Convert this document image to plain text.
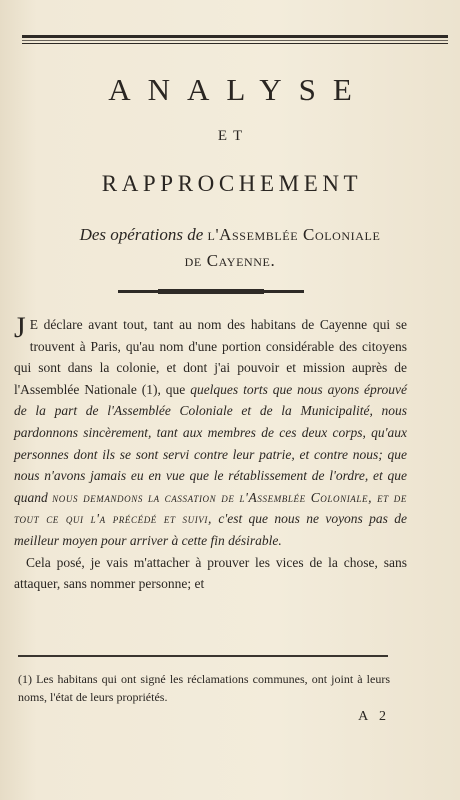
ANALYSE
ET
RAPPROCHEMENT
Des opérations de l'Assemblée Coloniale
de Cayenne.

J E déclare avant tout, tant au nom des habitans de Cayenne qui se trouvent à Paris, qu'au nom d'une portion considérable des citoyens qui sont dans la colonie, et dont j'ai pouvoir et mission auprès de l'Assemblée Nationale (1), que quelques torts que nous ayons éprouvé de la part de l'Assemblée Coloniale et de la Municipalité, nous pardonnons sincèrement, tant aux membres de ces deux corps, qu'aux personnes dont ils se sont servi contre leur patrie, et contre nous; que nous n'avons jamais eu en vue que le rétablissement de l'ordre, et que quand nous demandons la cassation de l'Assemblée Coloniale, et de tout ce qui l'a précédé et suivi, c'est que nous ne voyons pas de meilleur moyen pour arriver à cette fin désirable.

Cela posé, je vais m'attacher à prouver les vices de la chose, sans attaquer, sans nommer personne; et

(1) Les habitans qui ont signé les réclamations communes, ont joint à leurs noms, l'état de leurs propriétés.
A 2
